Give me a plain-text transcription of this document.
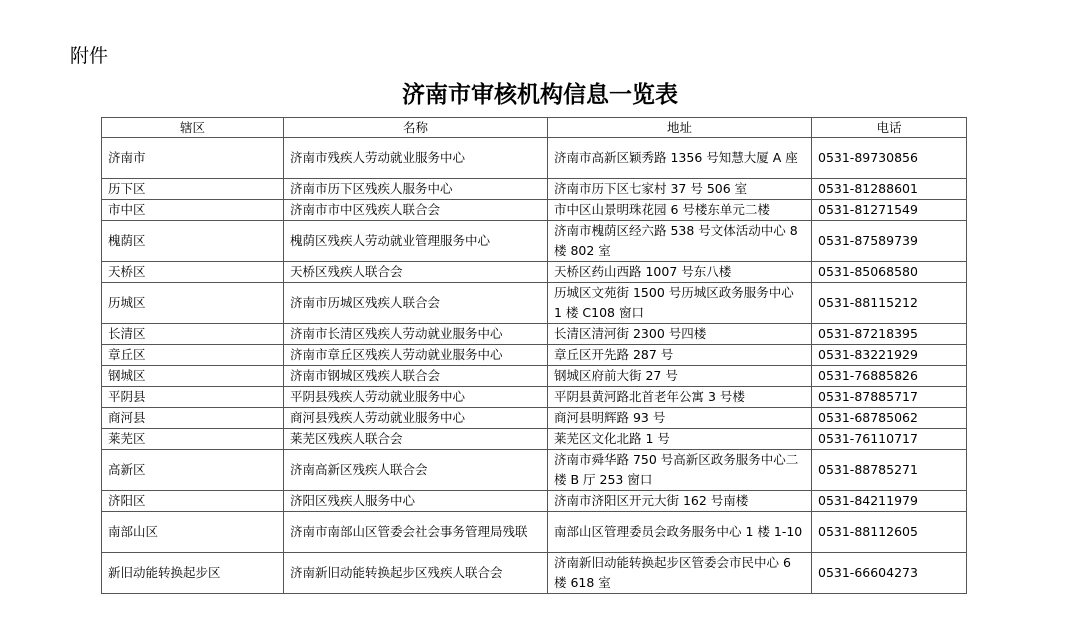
附件
济南市审核机构信息一览表
辖区	名称	地址	电话
济南市	济南市残疾人劳动就业服务中心	济南市高新区颖秀路 1356 号知慧大厦 A 座	0531-89730856
历下区	济南市历下区残疾人服务中心	济南市历下区七家村 37 号 506 室	0531-81288601
市中区	济南市市中区残疾人联合会	市中区山景明珠花园 6 号楼东单元二楼	0531-81271549
槐荫区	槐荫区残疾人劳动就业管理服务中心	济南市槐荫区经六路 538 号文体活动中心 8 楼 802 室	0531-87589739
天桥区	天桥区残疾人联合会	天桥区药山西路 1007 号东八楼	0531-85068580
历城区	济南市历城区残疾人联合会	历城区文苑街 1500 号历城区政务服务中心 1 楼 C108 窗口	0531-88115212
长清区	济南市长清区残疾人劳动就业服务中心	长清区清河街 2300 号四楼	0531-87218395
章丘区	济南市章丘区残疾人劳动就业服务中心	章丘区开先路 287 号	0531-83221929
钢城区	济南市钢城区残疾人联合会	钢城区府前大街 27 号	0531-76885826
平阴县	平阴县残疾人劳动就业服务中心	平阴县黄河路北首老年公寓 3 号楼	0531-87885717
商河县	商河县残疾人劳动就业服务中心	商河县明辉路 93 号	0531-68785062
莱芜区	莱芜区残疾人联合会	莱芜区文化北路 1 号	0531-76110717
高新区	济南高新区残疾人联合会	济南市舜华路 750 号高新区政务服务中心二楼 B 厅 253 窗口	0531-88785271
济阳区	济阳区残疾人服务中心	济南市济阳区开元大街 162 号南楼	0531-84211979
南部山区	济南市南部山区管委会社会事务管理局残联	南部山区管理委员会政务服务中心 1 楼 1-10	0531-88112605
新旧动能转换起步区	济南新旧动能转换起步区残疾人联合会	济南新旧动能转换起步区管委会市民中心 6 楼 618 室	0531-66604273
